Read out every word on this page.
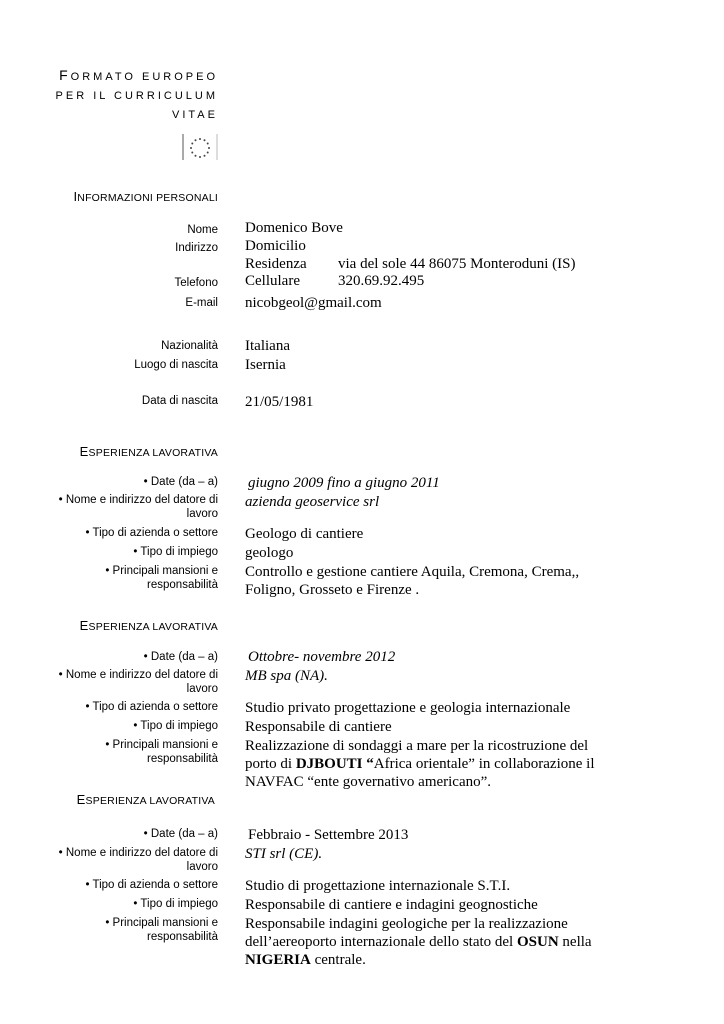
FORMATO EUROPEO
PER IL CURRICULUM
VITAE
INFORMAZIONI PERSONALI
Nome Domenico Bove
Indirizzo Domicilio
Residenza via del sole 44 86075 Monteroduni (IS)
Telefono Cellulare	320.69.92.495
E-mail nicobgeol@gmail.com
Nazionalità Italiana
Luogo di nascita Isernia
Data di nascita 21/05/1981
ESPERIENZA LAVORATIVA
• Date (da – a) giugno 2009 fino a giugno 2011
• Nome e indirizzo del datore di
lavoro
azienda geoservice srl
• Tipo di azienda o settore Geologo di cantiere
• Tipo di impiego geologo
• Principali mansioni e
responsabilità
Controllo e gestione cantiere Aquila, Cremona, Crema,, Foligno, Grosseto e Firenze .
ESPERIENZA LAVORATIVA
• Date (da – a) Ottobre- novembre 2012
• Nome e indirizzo del datore di
lavoro
MB spa (NA).
• Tipo di azienda o settore Studio privato progettazione e geologia internazionale
• Tipo di impiego Responsabile di cantiere
• Principali mansioni e
responsabilità
Realizzazione di sondaggi a mare per la ricostruzione del porto di DJBOUTI “Africa orientale” in collaborazione il NAVFAC “ente governativo americano”.
ESPERIENZA LAVORATIVA
• Date (da – a) Febbraio - Settembre 2013
• Nome e indirizzo del datore di
lavoro
STI srl (CE).
• Tipo di azienda o settore Studio di progettazione internazionale S.T.I.
• Tipo di impiego Responsabile di cantiere e indagini geognostiche
• Principali mansioni e
responsabilità
Responsabile indagini geologiche per la realizzazione dell’aereoporto internazionale dello stato del OSUN nella NIGERIA centrale.
